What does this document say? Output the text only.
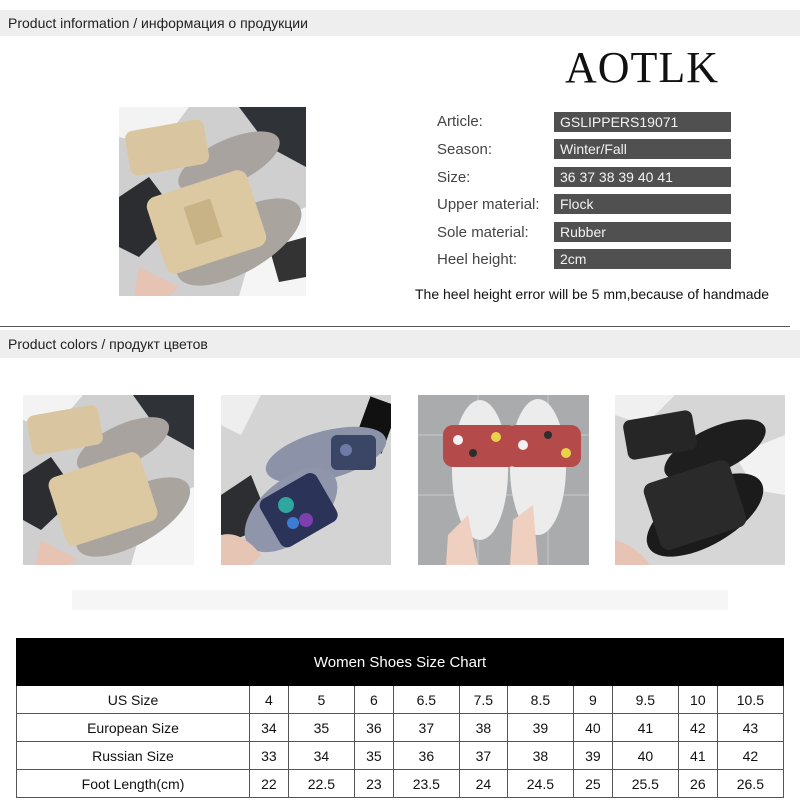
Product information / информация о продукции
AOTLK
Article:	GSLIPPERS19071
Season:	Winter/Fall
Size:	36 37 38 39 40 41
Upper material:	Flock
Sole material:	Rubber
Heel height:	2cm
The heel height error will be 5 mm,because of handmade
Product colors / продукт цветов
Women Shoes Size Chart										
US Size	4	5	6	6.5	7.5	8.5	9	9.5	10	10.5
European Size	34	35	36	37	38	39	40	41	42	43
Russian Size	33	34	35	36	37	38	39	40	41	42
Foot Length(cm)	22	22.5	23	23.5	24	24.5	25	25.5	26	26.5
